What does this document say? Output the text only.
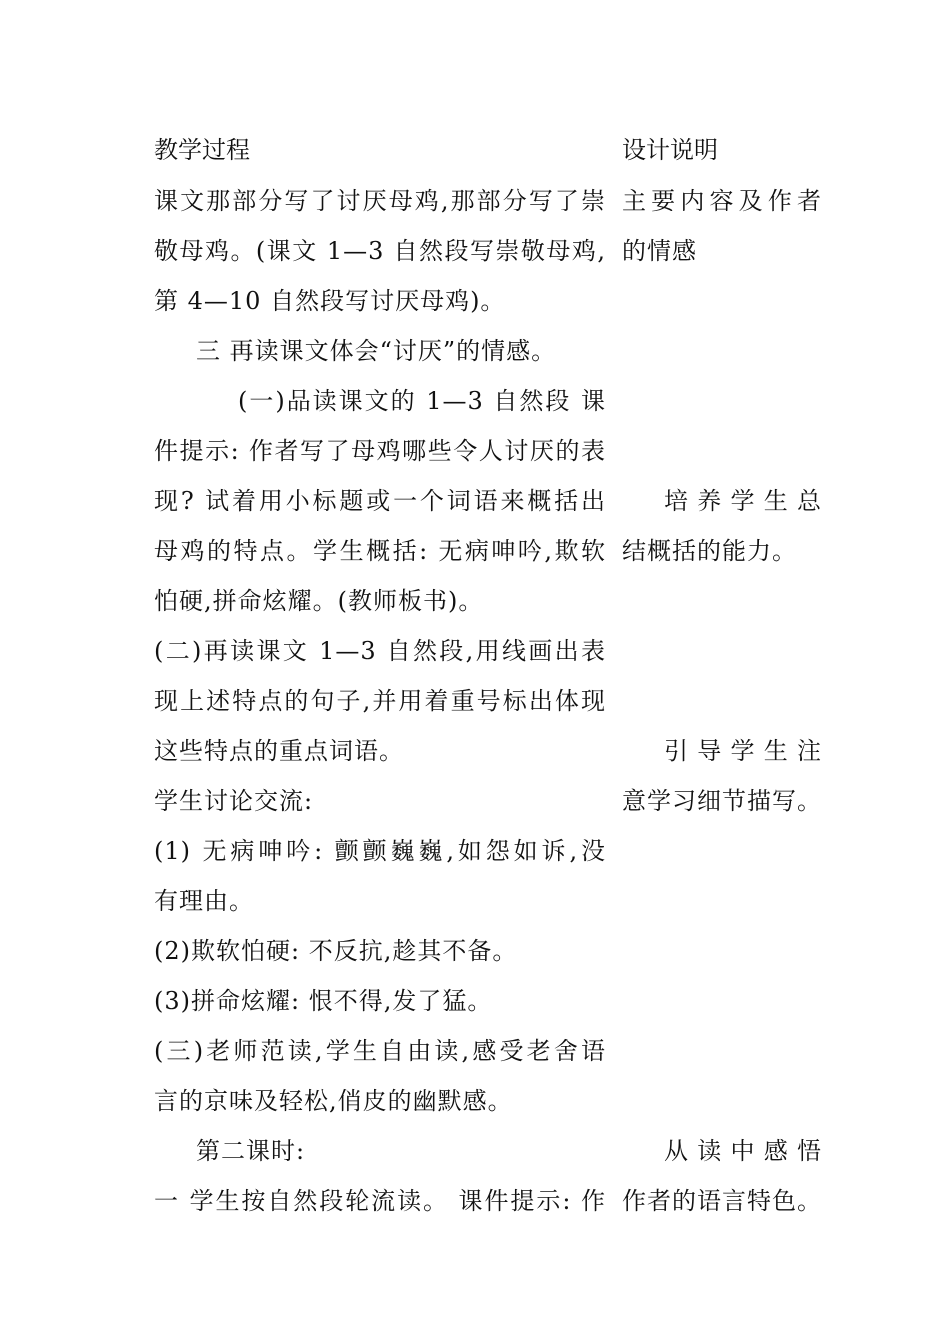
教学过程	设计说明

课文那部分写了讨厌母鸡,那部分写了崇

敬母鸡。(课文 1—3 自然段写崇敬母鸡,

第 4—10 自然段写讨厌母鸡)。

三 再读课文体会“讨厌”的情感。

(一)品读课文的 1—3 自然段 课

件提示: 作者写了母鸡哪些令人讨厌的表

现? 试着用小标题或一个词语来概括出

母鸡的特点。学生概括: 无病呻吟,欺软

怕硬,拼命炫耀。(教师板书)。

(二)再读课文 1—3 自然段,用线画出表

现上述特点的句子,并用着重号标出体现

这些特点的重点词语。

学生讨论交流:

(1) 无病呻吟: 颤颤巍巍,如怨如诉,没

有理由。

(2)欺软怕硬: 不反抗,趁其不备。

(3)拼命炫耀: 恨不得,发了猛。

(三)老师范读,学生自由读,感受老舍语

言的京味及轻松,俏皮的幽默感。

第二课时:

一 学生按自然段轮流读。 课件提示: 作

主要内容及作者

的情感

培养学生总

结概括的能力。

引导学生注

意学习细节描写。

从读中感悟

作者的语言特色。
